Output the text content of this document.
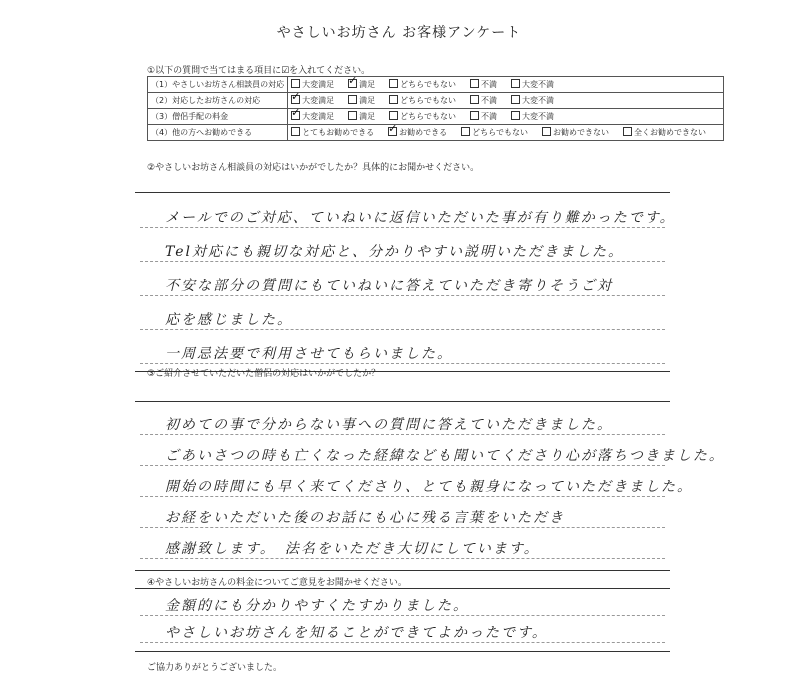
やさしいお坊さん お客様アンケート
①以下の質問で当てはまる項目に☑を入れてください。
（1）やさしいお坊さん相談員の対応	大変満足 ✓ 満足 どちらでもない 不満 大変不満
（2）対応したお坊さんの対応	✓大変満足 満足 どちらでもない 不満 大変不満
（3）僧侶手配の料金	✓大変満足 満足 どちらでもない 不満 大変不満
（4）他の方へお勧めできる	とてもお勧めできる ✓ お勧めできる どちらでもない お勧めできない 全くお勧めできない
②やさしいお坊さん相談員の対応はいかがでしたか？具体的にお聞かせください。
メールでのご対応、ていねいに返信いただいた事が有り難かったです。
Tel対応にも親切な対応と、分かりやすい説明いただきました。
不安な部分の質問にもていねいに答えていただき寄りそうご対
応を感じました。
一周忌法要で利用させてもらいました。
③ご紹介させていただいた僧侶の対応はいかがでしたか？
初めての事で分からない事への質問に答えていただきました。
ごあいさつの時も亡くなった経緯なども聞いてくださり心が落ちつきました。
開始の時間にも早く来てくださり、とても親身になっていただきました。
お経をいただいた後のお話にも心に残る言葉をいただき
感謝致します。　法名をいただき大切にしています。
④やさしいお坊さんの料金についてご意見をお聞かせください。
金額的にも分かりやすくたすかりました。
やさしいお坊さんを知ることができてよかったです。
ご協力ありがとうございました。
